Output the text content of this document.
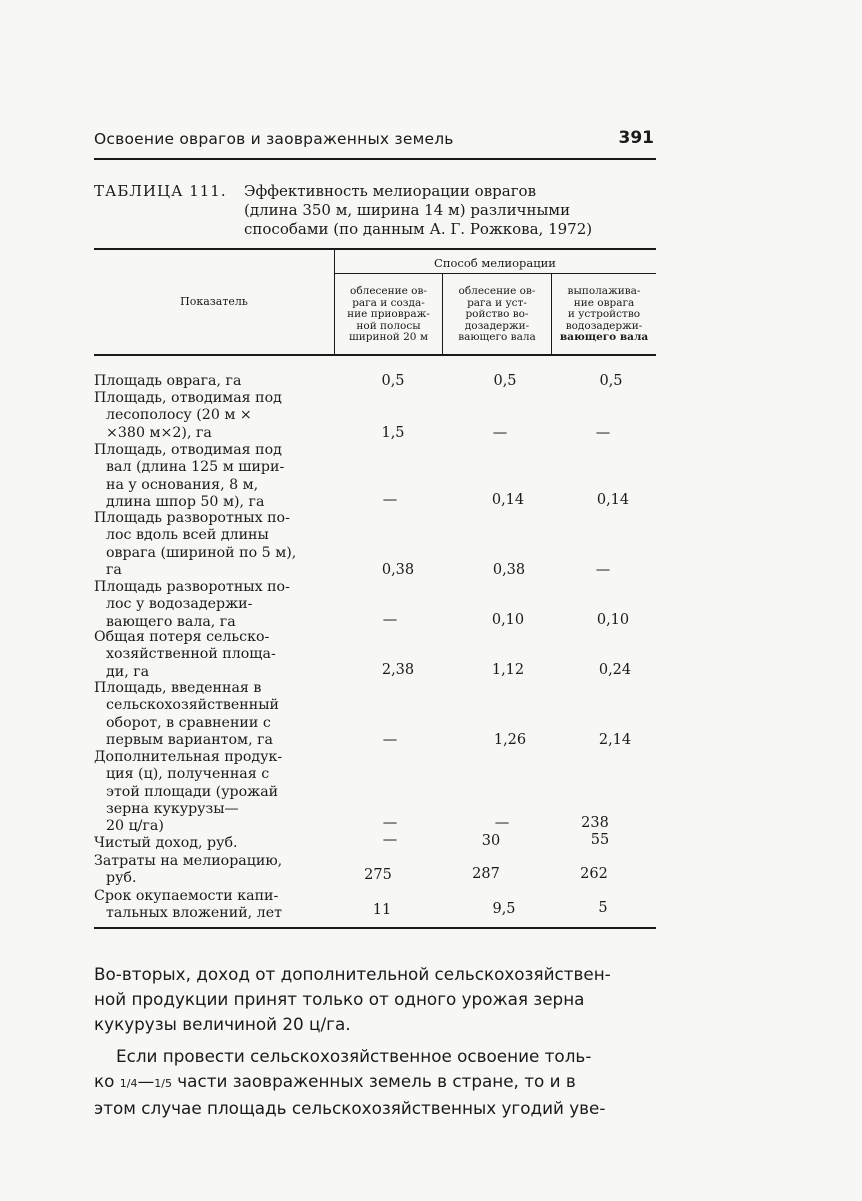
Освоение оврагов и заовраженных земель	391
ТАБЛИЦА 111. Эффективность мелиорации оврагов
(длина 350 м, ширина 14 м) различными
способами (по данным А. Г. Рожкова, 1972)
Показатель
Способ мелиорации
облесение ов-
рага и созда-
ние приовраж-
ной полосы
шириной 20 м
облесение ов-
рага и уст-
ройство во-
дозадержи-
вающего вала
выполажива-
ние оврага
и устройство
водозадержи-
вающего вала
Площадь оврага, га	0,5	0,5	0,5
Площадь, отводимая под
лесополосу (20 м ×
×380 м×2), га	1,5	—	—
Площадь, отводимая под
вал (длина 125 м шири-
на у основания, 8 м,
длина шпор 50 м), га	—	0,14	0,14
Площадь разворотных по-
лос вдоль всей длины
оврага (шириной по 5 м),
га	0,38	0,38	—
Площадь разворотных по-
лос у водозадержи-
вающего вала, га	—	0,10	0,10
Общая потеря сельско-
хозяйственной площа-
ди, га	2,38	1,12	0,24
Площадь, введенная в
сельскохозяйственный
оборот, в сравнении с
первым вариантом, га	—	1,26	2,14
Дополнительная продук-
ция (ц), полученная с
этой площади (урожай
зерна кукурузы—
20 ц/га)	—	—	238
Чистый доход, руб.	—	30	55
Затраты на мелиорацию,
руб.	275	287	262
Срок окупаемости капи-
тальных вложений, лет	11	9,5	5
Во-вторых, доход от дополнительной сельскохозяйствен-
ной продукции принят только от одного урожая зерна
кукурузы величиной 20 ц/га.
Если провести сельскохозяйственное освоение толь-
ко 1/4—1/5 части заовраженных земель в стране, то и в
этом случае площадь сельскохозяйственных угодий уве-
